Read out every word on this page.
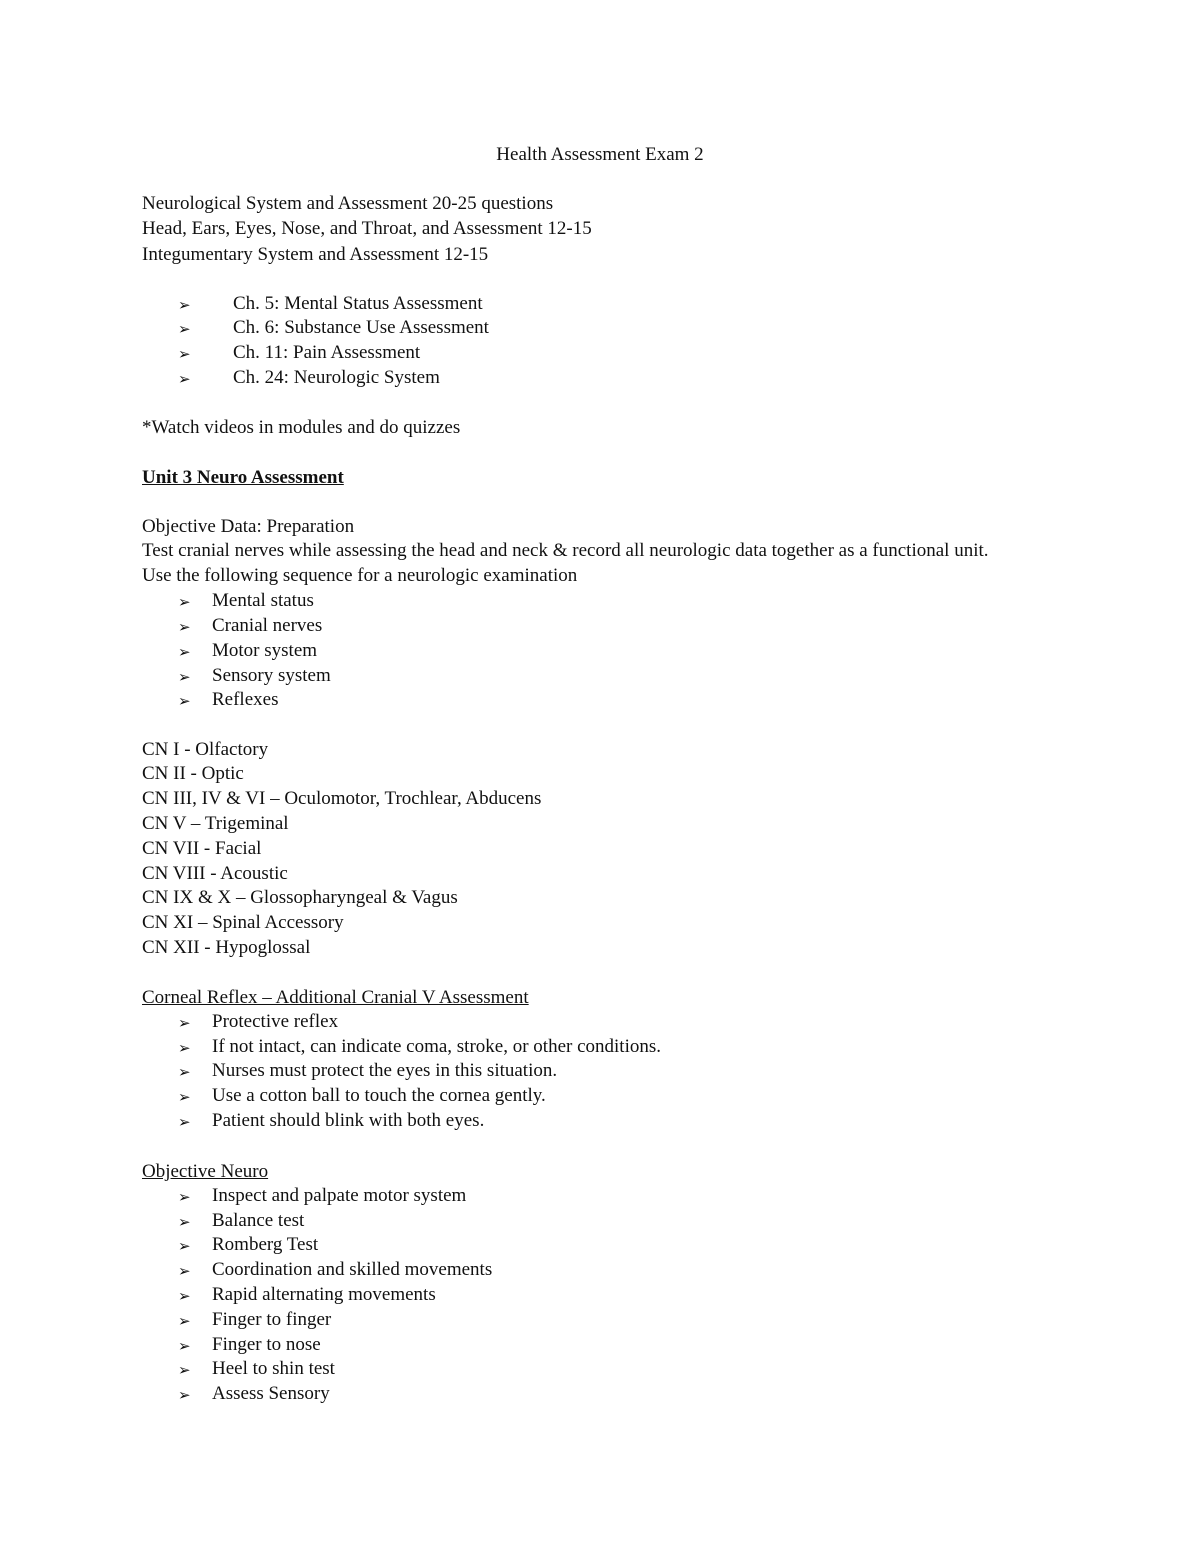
Health Assessment Exam 2
Neurological System and Assessment 20-25 questions
Head, Ears, Eyes, Nose, and Throat, and Assessment 12-15
Integumentary System and Assessment 12-15
➢ Ch. 5: Mental Status Assessment
➢ Ch. 6: Substance Use Assessment
➢ Ch. 11: Pain Assessment
➢ Ch. 24: Neurologic System
*Watch videos in modules and do quizzes
Unit 3 Neuro Assessment
Objective Data: Preparation
Test cranial nerves while assessing the head and neck & record all neurologic data together as a functional unit.
Use the following sequence for a neurologic examination
➢ Mental status
➢ Cranial nerves
➢ Motor system
➢ Sensory system
➢ Reflexes
CN I - Olfactory
CN II - Optic
CN III, IV & VI – Oculomotor, Trochlear, Abducens
CN V – Trigeminal
CN VII - Facial
CN VIII - Acoustic
CN IX & X – Glossopharyngeal & Vagus
CN XI – Spinal Accessory
CN XII - Hypoglossal
Corneal Reflex – Additional Cranial V Assessment
➢ Protective reflex
➢ If not intact, can indicate coma, stroke, or other conditions.
➢ Nurses must protect the eyes in this situation.
➢ Use a cotton ball to touch the cornea gently.
➢ Patient should blink with both eyes.
Objective Neuro
➢ Inspect and palpate motor system
➢ Balance test
➢ Romberg Test
➢ Coordination and skilled movements
➢ Rapid alternating movements
➢ Finger to finger
➢ Finger to nose
➢ Heel to shin test
➢ Assess Sensory
